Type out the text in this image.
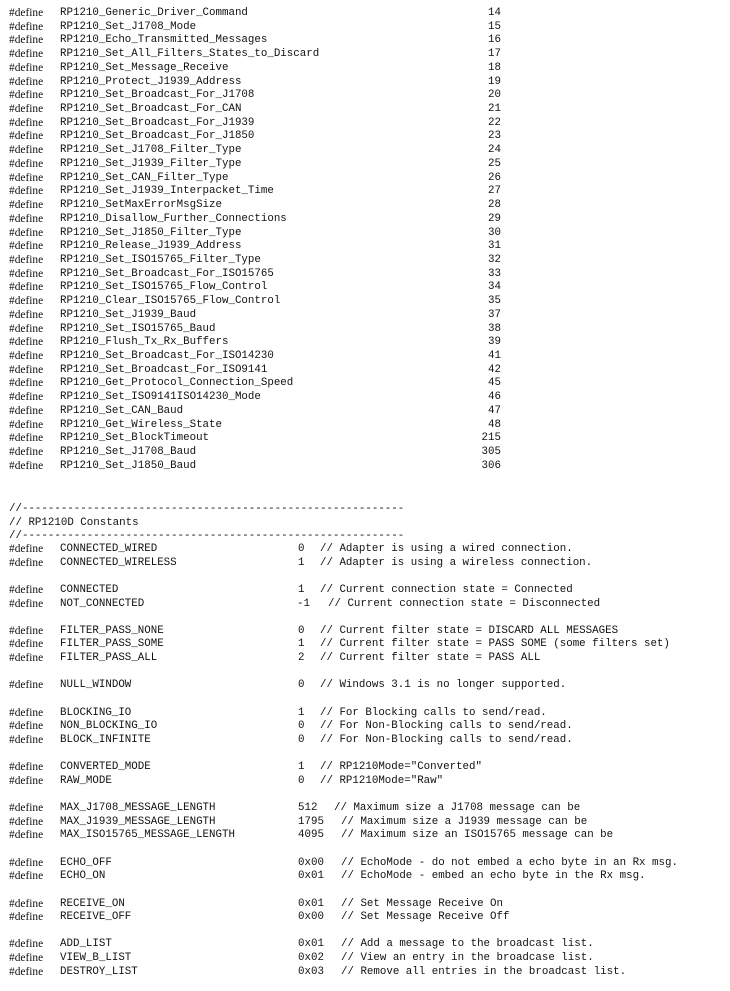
#define RP1210_Generic_Driver_Command	14
#define RP1210_Set_J1708_Mode	15
#define RP1210_Echo_Transmitted_Messages	16
#define RP1210_Set_All_Filters_States_to_Discard	17
#define RP1210_Set_Message_Receive	18
#define RP1210_Protect_J1939_Address	19
#define RP1210_Set_Broadcast_For_J1708	20
#define RP1210_Set_Broadcast_For_CAN	21
#define RP1210_Set_Broadcast_For_J1939	22
#define RP1210_Set_Broadcast_For_J1850	23
#define RP1210_Set_J1708_Filter_Type	24
#define RP1210_Set_J1939_Filter_Type	25
#define RP1210_Set_CAN_Filter_Type	26
#define RP1210_Set_J1939_Interpacket_Time	27
#define RP1210_SetMaxErrorMsgSize	28
#define RP1210_Disallow_Further_Connections	29
#define RP1210_Set_J1850_Filter_Type	30
#define RP1210_Release_J1939_Address	31
#define RP1210_Set_ISO15765_Filter_Type	32
#define RP1210_Set_Broadcast_For_ISO15765	33
#define RP1210_Set_ISO15765_Flow_Control	34
#define RP1210_Clear_ISO15765_Flow_Control	35
#define RP1210_Set_J1939_Baud	37
#define RP1210_Set_ISO15765_Baud	38
#define RP1210_Flush_Tx_Rx_Buffers	39
#define RP1210_Set_Broadcast_For_ISO14230	41
#define RP1210_Set_Broadcast_For_ISO9141	42
#define RP1210_Get_Protocol_Connection_Speed	45
#define RP1210_Set_ISO9141ISO14230_Mode	46
#define RP1210_Set_CAN_Baud	47
#define RP1210_Get_Wireless_State	48
#define RP1210_Set_BlockTimeout	215
#define RP1210_Set_J1708_Baud	305
#define RP1210_Set_J1850_Baud	306
//-----------------------------------------------------------
// RP1210D Constants
//-----------------------------------------------------------
#define CONNECTED_WIRED	0 // Adapter is using a wired connection.
#define CONNECTED_WIRELESS	1 // Adapter is using a wireless connection.
#define CONNECTED	1 // Current connection state = Connected
#define NOT_CONNECTED	-1 // Current connection state = Disconnected
#define FILTER_PASS_NONE	0 // Current filter state = DISCARD ALL MESSAGES
#define FILTER_PASS_SOME	1 // Current filter state = PASS SOME (some filters set)
#define FILTER_PASS_ALL	2 // Current filter state = PASS ALL
#define NULL_WINDOW	0 // Windows 3.1 is no longer supported.
#define BLOCKING_IO	1 // For Blocking calls to send/read.
#define NON_BLOCKING_IO	0 // For Non-Blocking calls to send/read.
#define BLOCK_INFINITE	0 // For Non-Blocking calls to send/read.
#define CONVERTED_MODE	1 // RP1210Mode="Converted"
#define RAW_MODE	0 // RP1210Mode="Raw"
#define MAX_J1708_MESSAGE_LENGTH	512 // Maximum size a J1708 message can be
#define MAX_J1939_MESSAGE_LENGTH	1795 // Maximum size a J1939 message can be
#define MAX_ISO15765_MESSAGE_LENGTH	4095 // Maximum size an ISO15765 message can be
#define ECHO_OFF	0x00 // EchoMode - do not embed a echo byte in an Rx msg.
#define ECHO_ON	0x01 // EchoMode - embed an echo byte in the Rx msg.
#define RECEIVE_ON	0x01 // Set Message Receive On
#define RECEIVE_OFF	0x00 // Set Message Receive Off
#define ADD_LIST	0x01 // Add a message to the broadcast list.
#define VIEW_B_LIST	0x02 // View an entry in the broadcase list.
#define DESTROY_LIST	0x03 // Remove all entries in the broadcast list.
